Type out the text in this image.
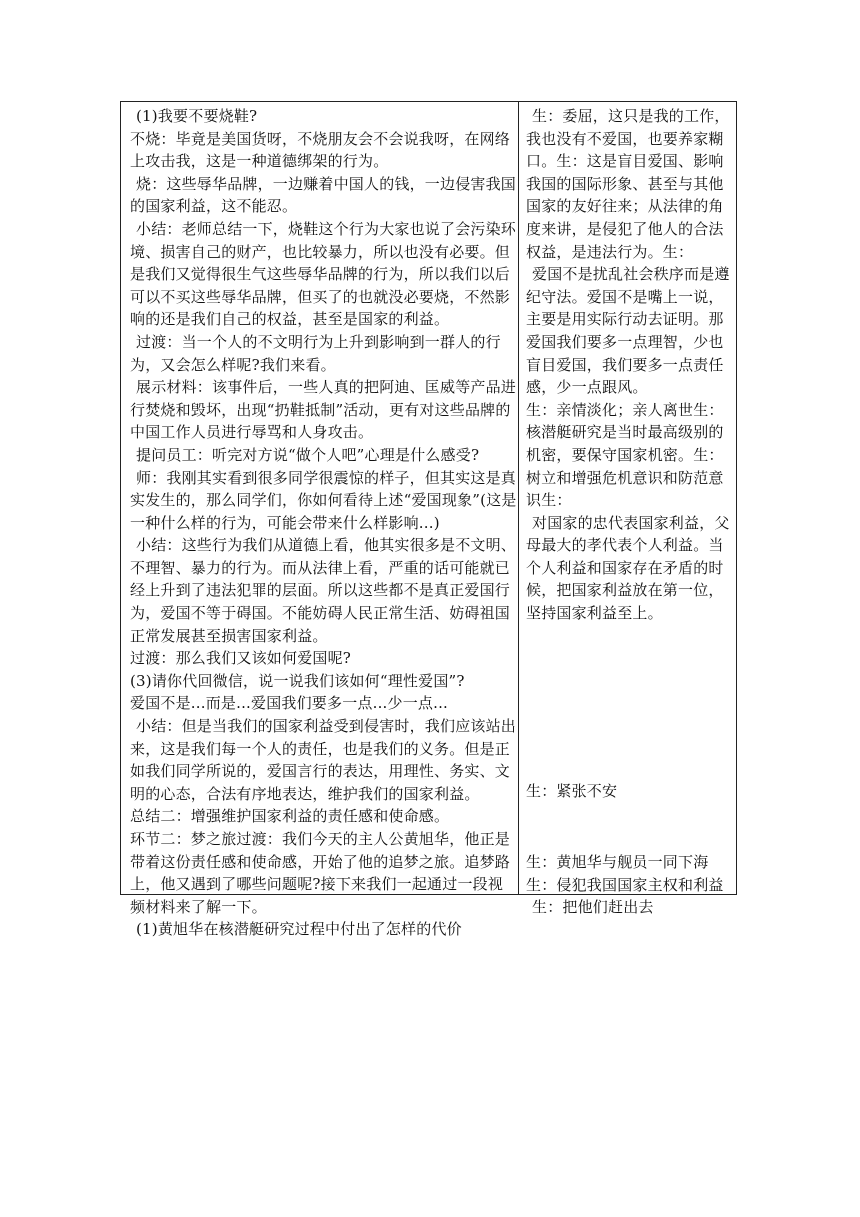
(1)我要不要烧鞋?

不烧：毕竟是美国货呀，不烧朋友会不会说我呀，在网络上攻击我，这是一种道德绑架的行为。

烧：这些辱华品牌，一边赚着中国人的钱，一边侵害我国的国家利益，这不能忍。

小结：老师总结一下，烧鞋这个行为大家也说了会污染环境、损害自己的财产，也比较暴力，所以也没有必要。但是我们又觉得很生气这些辱华品牌的行为，所以我们以后可以不买这些辱华品牌，但买了的也就没必要烧，不然影响的还是我们自己的权益，甚至是国家的利益。

过渡：当一个人的不文明行为上升到影响到一群人的行为，又会怎么样呢?我们来看。

展示材料：该事件后，一些人真的把阿迪、匡威等产品进行焚烧和毁坏，出现“扔鞋抵制”活动，更有对这些品牌的中国工作人员进行辱骂和人身攻击。

提问员工：听完对方说“做个人吧”心理是什么感受?

师：我刚其实看到很多同学很震惊的样子，但其实这是真实发生的，那么同学们，你如何看待上述“爱国现象”(这是一种什么样的行为，可能会带来什么样影响...)

小结：这些行为我们从道德上看，他其实很多是不文明、不理智、暴力的行为。而从法律上看，严重的话可能就已经上升到了违法犯罪的层面。所以这些都不是真正爱国行为，爱国不等于碍国。不能妨碍人民正常生活、妨碍祖国正常发展甚至损害国家利益。

过渡：那么我们又该如何爱国呢?

(3)请你代回微信，说一说我们该如何“理性爱国”?

爱国不是...而是...爱国我们要多一点...少一点...

小结：但是当我们的国家利益受到侵害时，我们应该站出来，这是我们每一个人的责任，也是我们的义务。但是正如我们同学所说的，爱国言行的表达，用理性、务实、文明的心态，合法有序地表达，维护我们的国家利益。

总结二：增强维护国家利益的责任感和使命感。

环节二：梦之旅过渡：我们今天的主人公黄旭华，他正是带着这份责任感和使命感，开始了他的追梦之旅。追梦路上，他又遇到了哪些问题呢?接下来我们一起通过一段视频材料来了解一下。

(1)黄旭华在核潜艇研究过程中付出了怎样的代价

生：委屈，这只是我的工作，我也没有不爱国，也要养家糊口。生：这是盲目爱国、影响我国的国际形象、甚至与其他国家的友好往来；从法律的角度来讲，是侵犯了他人的合法权益，是违法行为。生：

爱国不是扰乱社会秩序而是遵纪守法。爱国不是嘴上一说，主要是用实际行动去证明。那爱国我们要多一点理智，少也盲目爱国，我们要多一点责任感，少一点跟风。

生：亲情淡化；亲人离世生：核潜艇研究是当时最高级别的机密，要保守国家机密。生：树立和增强危机意识和防范意识生：

对国家的忠代表国家利益，父母最大的孝代表个人利益。当个人利益和国家存在矛盾的时候，把国家利益放在第一位，坚持国家利益至上。

生：紧张不安

生：黄旭华与舰员一同下海

生：侵犯我国国家主权和利益

生：把他们赶出去
